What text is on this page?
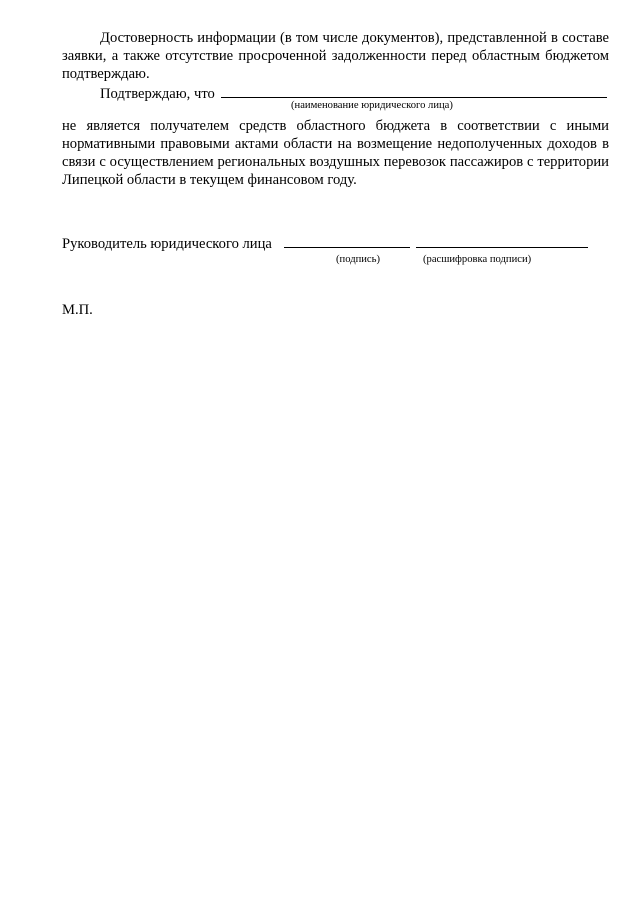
Достоверность информации (в том числе документов), представленной в составе заявки, а также отсутствие просроченной задолженности перед областным бюджетом подтверждаю.

Подтверждаю, что
(наименование юридического лица)

не является получателем средств областного бюджета в соответствии с иными нормативными правовыми актами области на возмещение недополученных доходов в связи с осуществлением региональных воздушных перевозок пассажиров с территории Липецкой области в текущем финансовом году.

Руководитель юридического лица
(подпись)	(расшифровка подписи)
М.П.
